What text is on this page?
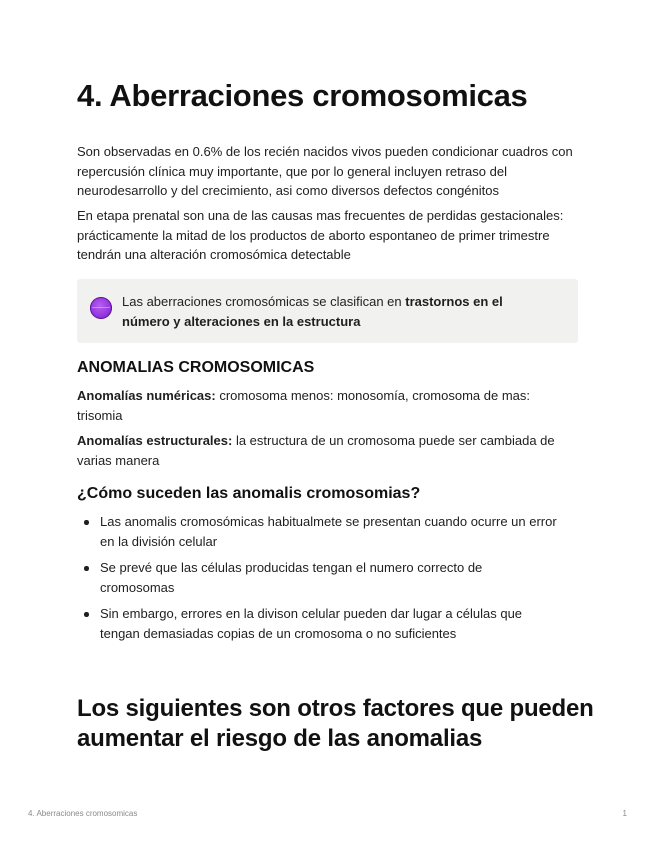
4. Aberraciones cromosomicas

Son observadas en 0.6% de los recién nacidos vivos pueden condicionar cuadros con repercusión clínica muy importante, que por lo general incluyen retraso del neurodesarrollo y del crecimiento, asi como diversos defectos congénitos

En etapa prenatal son una de las causas mas frecuentes de perdidas gestacionales: prácticamente la mitad de los productos de aborto espontaneo de primer trimestre tendrán una alteración cromosómica detectable

Las aberraciones cromosómicas se clasifican en trastornos en el número y alteraciones en la estructura
ANOMALIAS CROMOSOMICAS

Anomalías numéricas: cromosoma menos: monosomía, cromosoma de mas: trisomia

Anomalías estructurales: la estructura de un cromosoma puede ser cambiada de varias manera

¿Cómo suceden las anomalis cromosomias?
Las anomalis cromosómicas habitualmete se presentan cuando ocurre un error en la división celular
Se prevé que las células producidas tengan el numero correcto de cromosomas
Sin embargo, errores en la divison celular pueden dar lugar a células que tengan demasiadas copias de un cromosoma o no suficientes
Los siguientes son otros factores que pueden aumentar el riesgo de las anomalias
4. Aberraciones cromosomicas	1
